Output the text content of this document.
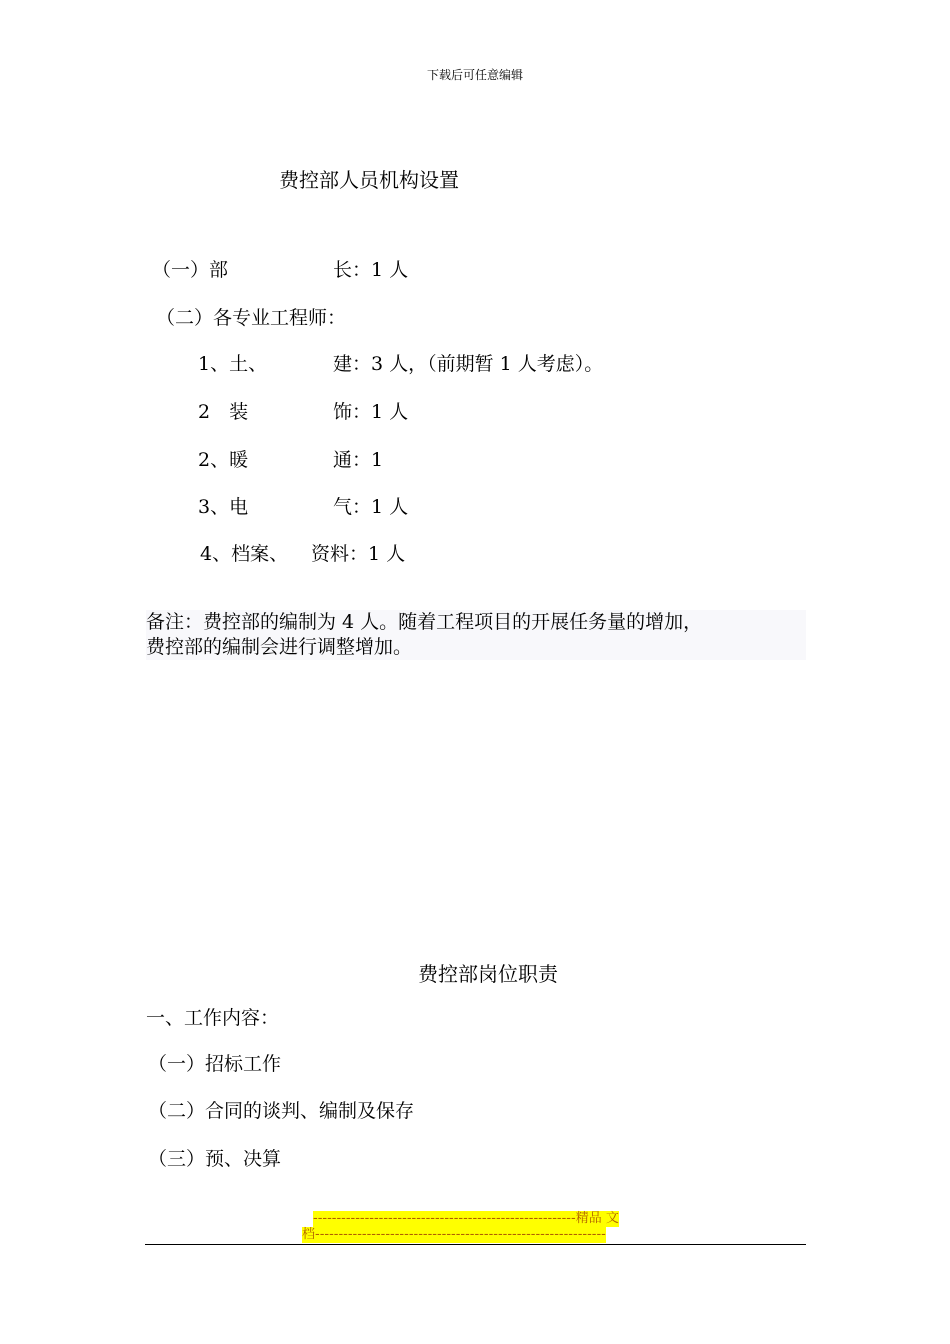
下载后可任意编辑
费控部人员机构设置
（一）部	长：1 人
（二）各专业工程师：
1、土、	建：3 人，（前期暂 1 人考虑）。
2　装	饰：1 人
2、暖	通：1
3、电	气：1 人
4、档案、 资料：1 人
备注：费控部的编制为 4 人。随着工程项目的开展任务量的增加，
费控部的编制会进行调整增加。
费控部岗位职责
一、工作内容：
（一）招标工作
（二）合同的谈判、编制及保存
（三）预、决算
--------------------------------------------------------精品 文
档--------------------------------------------------------------
